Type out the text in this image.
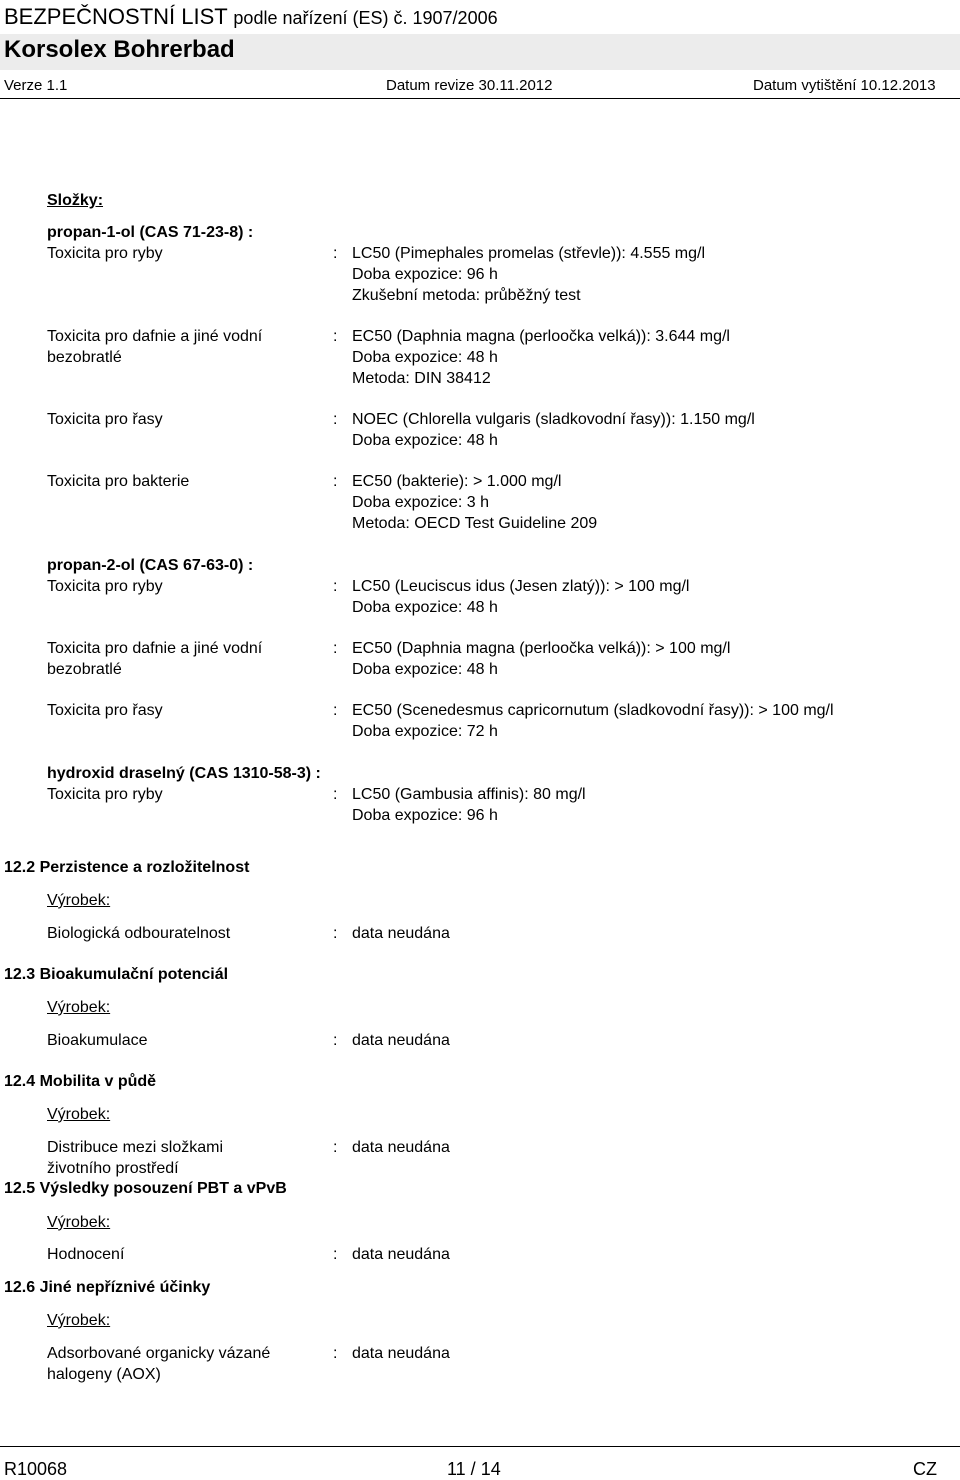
BEZPEČNOSTNÍ LIST podle nařízení (ES) č. 1907/2006
Korsolex Bohrerbad
Verze 1.1	Datum revize 30.11.2012	Datum vytištění 10.12.2013
Složky:
propan-1-ol (CAS 71-23-8) :
Toxicita pro ryby	: LC50 (Pimephales promelas (střevle)): 4.555 mg/l
Doba expozice: 96 h
Zkušební metoda: průběžný test
Toxicita pro dafnie a jiné vodní bezobratlé
: EC50 (Daphnia magna (perloočka velká)): 3.644 mg/l
Doba expozice: 48 h
Metoda: DIN 38412
Toxicita pro řasy	: NOEC (Chlorella vulgaris (sladkovodní řasy)): 1.150 mg/l
Doba expozice: 48 h
Toxicita pro bakterie	: EC50 (bakterie): > 1.000 mg/l
Doba expozice: 3 h
Metoda: OECD Test Guideline 209
propan-2-ol (CAS 67-63-0) :
Toxicita pro ryby	: LC50 (Leuciscus idus (Jesen zlatý)): > 100 mg/l
Doba expozice: 48 h
Toxicita pro dafnie a jiné vodní bezobratlé
: EC50 (Daphnia magna (perloočka velká)): > 100 mg/l
Doba expozice: 48 h
Toxicita pro řasy	: EC50 (Scenedesmus capricornutum (sladkovodní řasy)): > 100 mg/l
Doba expozice: 72 h
hydroxid draselný (CAS 1310-58-3) :
Toxicita pro ryby	: LC50 (Gambusia affinis): 80 mg/l
Doba expozice: 96 h
12.2 Perzistence a rozložitelnost
Výrobek:
Biologická odbouratelnost	: data neudána
12.3 Bioakumulační potenciál
Výrobek:
Bioakumulace	: data neudána
12.4 Mobilita v půdě
Výrobek:
Distribuce mezi složkami životního prostředí
: data neudána
12.5 Výsledky posouzení PBT a vPvB
Výrobek:
Hodnocení	: data neudána
12.6 Jiné nepříznivé účinky
Výrobek:
Adsorbované organicky vázané halogeny (AOX)
: data neudána
R10068	11 / 14	CZ
